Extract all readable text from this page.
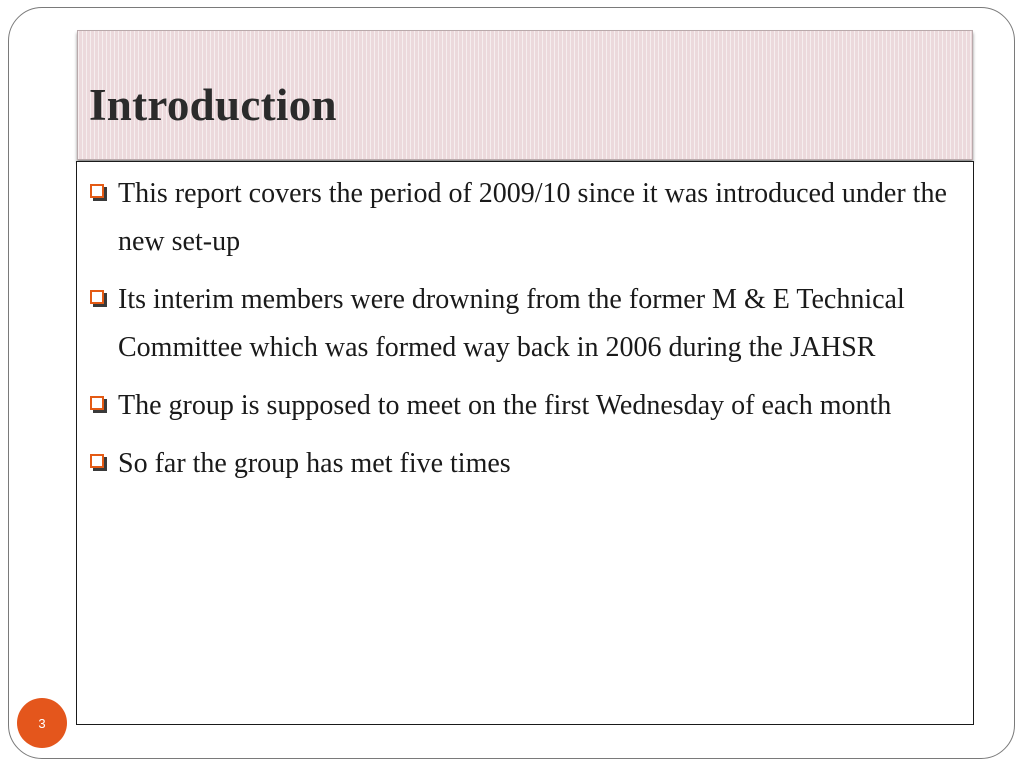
Introduction
This report covers the period of 2009/10 since it was introduced under the new set-up
Its interim members were drowning from the former M & E Technical Committee which was formed way back in 2006 during the JAHSR
The group is supposed to meet on the first Wednesday of each month
So far the group has met five times
3
